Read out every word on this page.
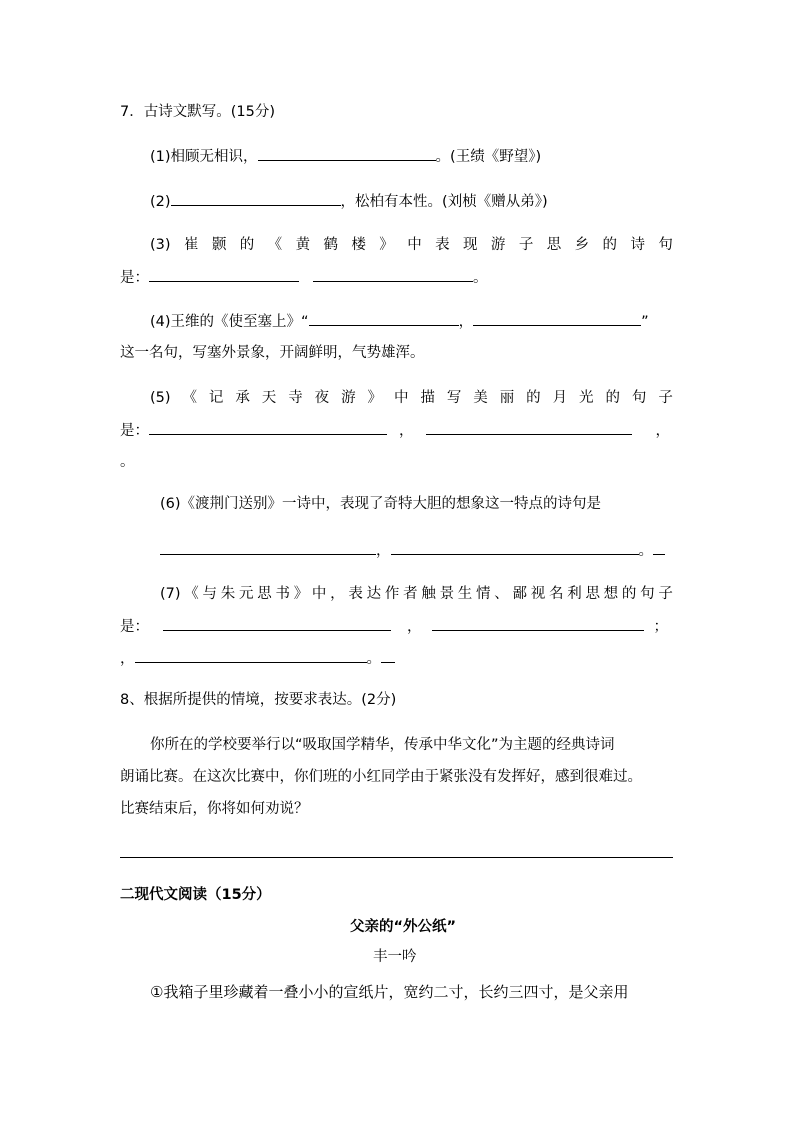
7．古诗文默写。(15分)
(1)相顾无相识，	。(王绩《野望》)
(2)	，松柏有本性。(刘桢《赠从弟》)
(3) 崔 颢 的 《 黄 鹤 楼 》 中 表 现 游 子 思 乡 的 诗 句
是：	。
(4)王维的《使至塞上》“	，	”
这一名句，写塞外景象，开阔鲜明，气势雄浑。
(5) 《 记 承 天 寺 夜 游 》 中 描 写 美 丽 的 月 光 的 句 子
是：	，	，
。
(6)《渡荆门送别》一诗中，表现了奇特大胆的想象这一特点的诗句是
，	。
(7) 《 与 朱 元 思 书 》 中 ， 表 达 作 者 触 景 生 情 、 鄙 视 名 利 思 想 的 句 子
是：	，	；
，	。
8、根据所提供的情境，按要求表达。(2分)
你所在的学校要举行以“吸取国学精华，传承中华文化”为主题的经典诗词
朗诵比赛。在这次比赛中，你们班的小红同学由于紧张没有发挥好，感到很难过。
比赛结束后，你将如何劝说？
二现代文阅读（15分）
父亲的“外公纸”
丰一吟
①我箱子里珍藏着一叠小小的宣纸片，宽约二寸，长约三四寸，是父亲用
